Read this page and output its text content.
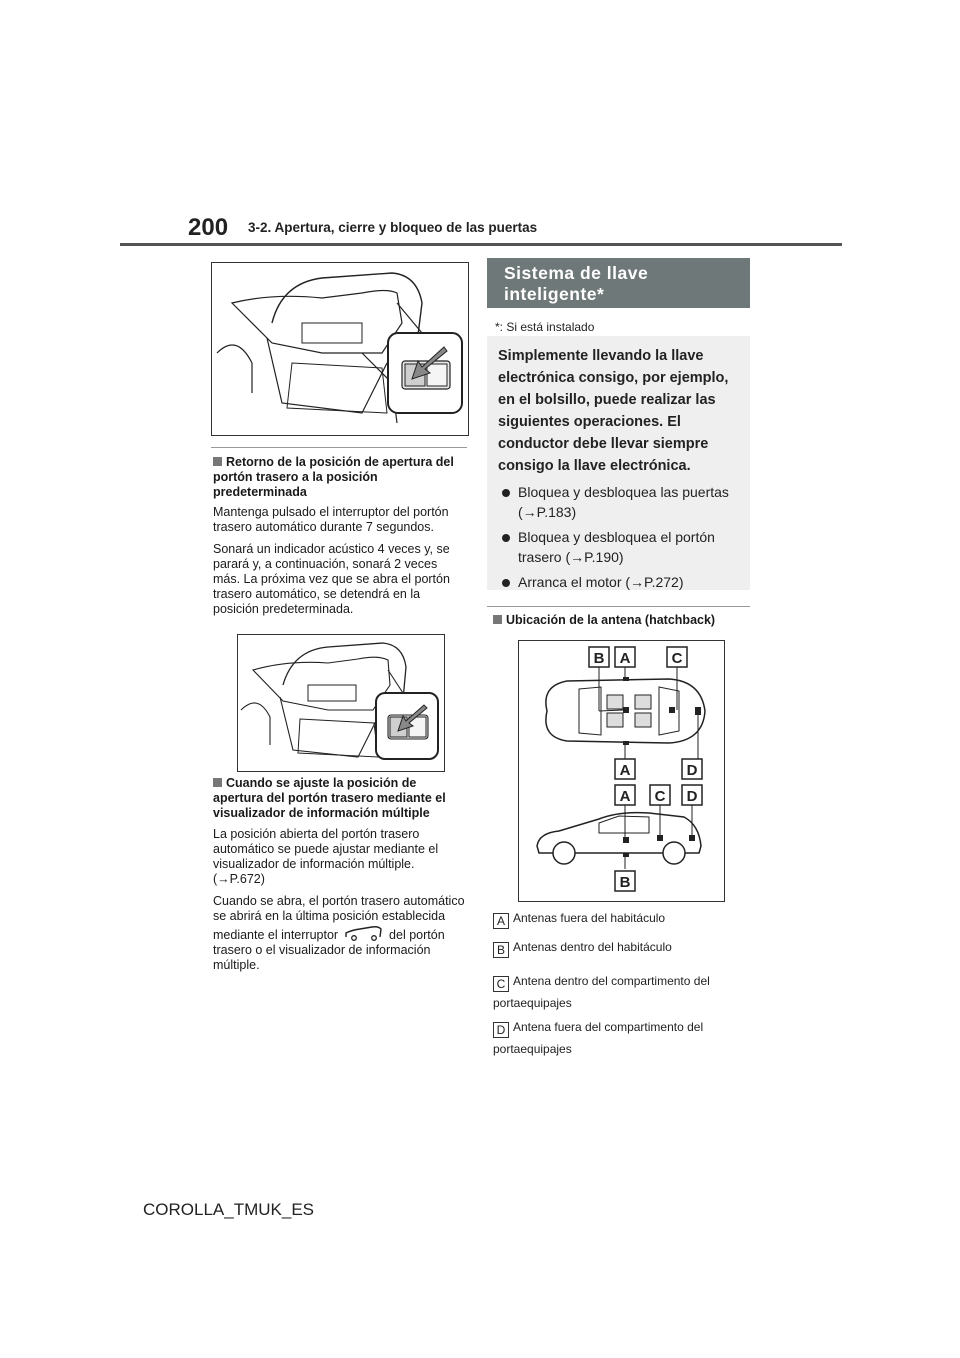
200 3-2. Apertura, cierre y bloqueo de las puertas
Retorno de la posición de apertura del portón trasero a la posición predeterminada

Mantenga pulsado el interruptor del portón trasero automático durante 7 segundos.

Sonará un indicador acústico 4 veces y, se parará y, a continuación, sonará 2 veces más. La próxima vez que se abra el portón trasero automático, se detendrá en la posición predeterminada.

Cuando se ajuste la posición de apertura del portón trasero mediante el visualizador de información múltiple

La posición abierta del portón trasero automático se puede ajustar mediante el visualizador de información múltiple. (→P.672)

Cuando se abra, el portón trasero automático se abrirá en la última posición establecida mediante el interruptor	del portón trasero o el visualizador de información múltiple.

Sistema de llave inteligente*
*: Si está instalado
Simplemente llevando la llave electrónica consigo, por ejemplo, en el bolsillo, puede realizar las siguientes operaciones. El conductor debe llevar siempre consigo la llave electrónica.
Bloquea y desbloquea las puertas (→P.183)
Bloquea y desbloquea el portón trasero (→P.190)
Arranca el motor (→P.272)
Ubicación de la antena (hatchback)
B A	C
A	D
A C D
B
A Antenas fuera del habitáculo
B Antenas dentro del habitáculo
C Antena dentro del compartimento del portaequipajes
D Antena fuera del compartimento del portaequipajes
COROLLA_TMUK_ES
